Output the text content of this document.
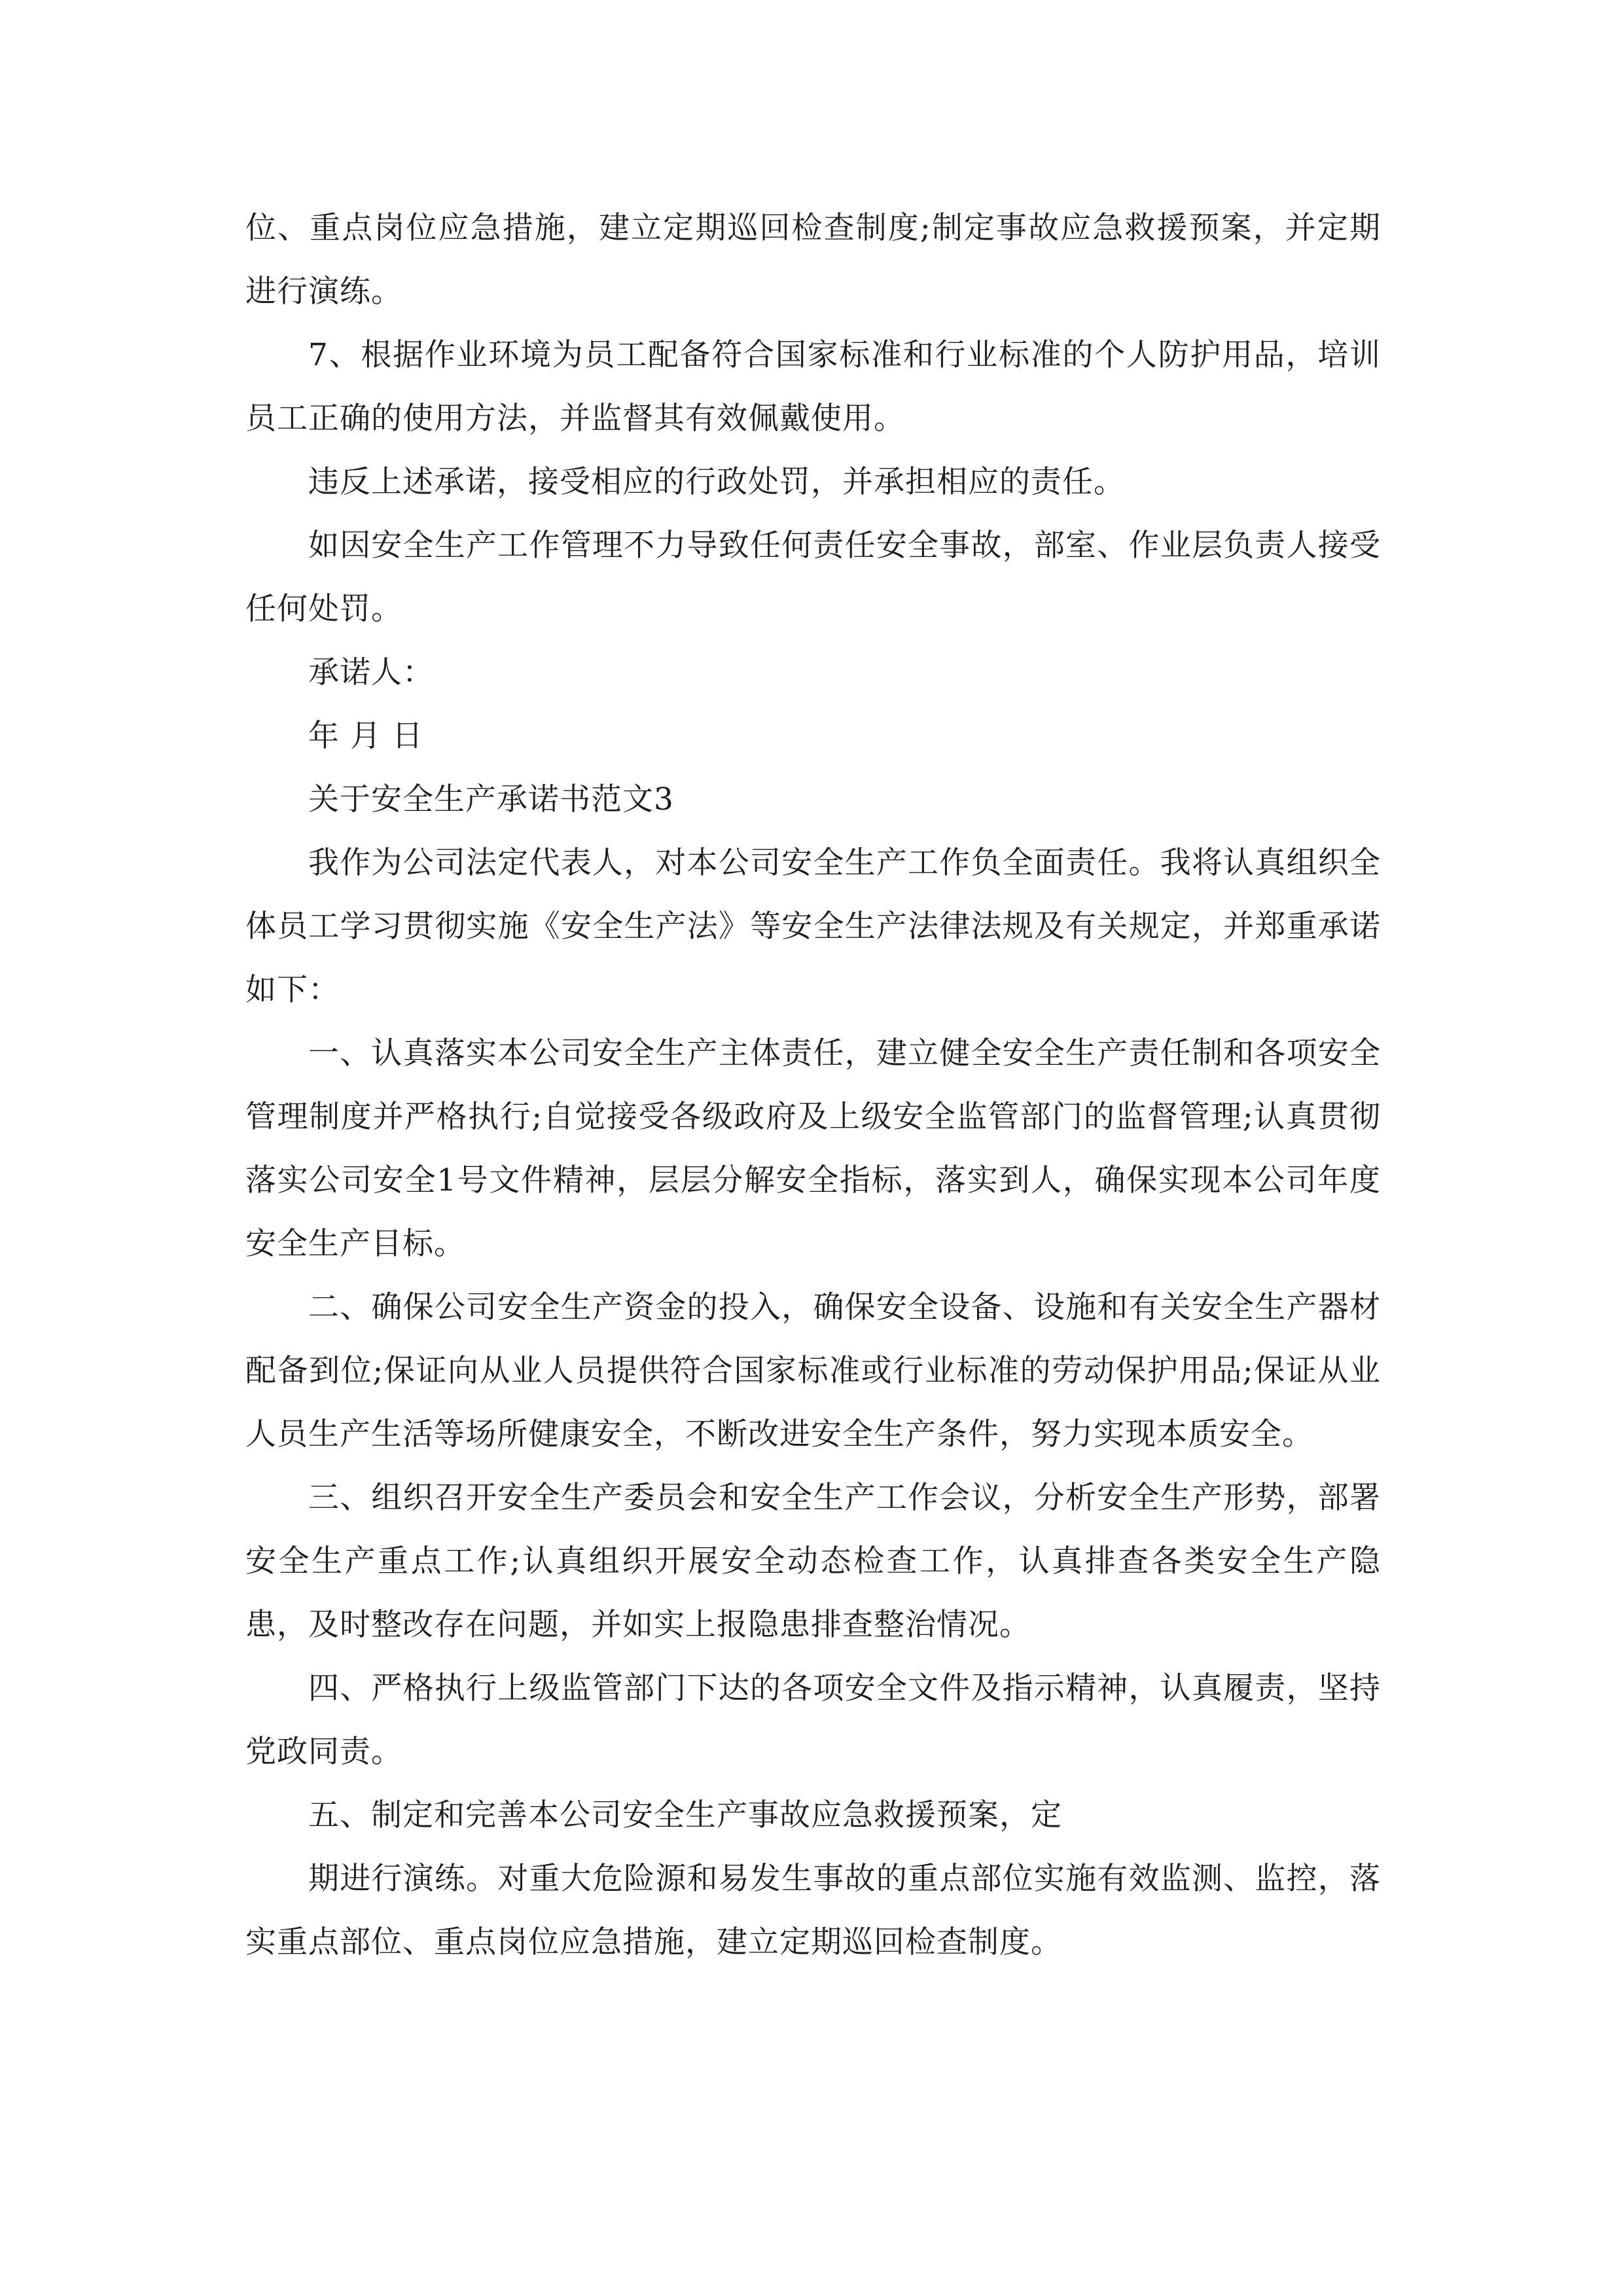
位、重点岗位应急措施，建立定期巡回检查制度;制定事故应急救援预案，并定期进行演练。

7、根据作业环境为员工配备符合国家标准和行业标准的个人防护用品，培训员工正确的使用方法，并监督其有效佩戴使用。

违反上述承诺，接受相应的行政处罚，并承担相应的责任。

如因安全生产工作管理不力导致任何责任安全事故，部室、作业层负责人接受任何处罚。

承诺人：

年 月 日

关于安全生产承诺书范文3

我作为公司法定代表人，对本公司安全生产工作负全面责任。我将认真组织全体员工学习贯彻实施《安全生产法》等安全生产法律法规及有关规定，并郑重承诺如下：

一、认真落实本公司安全生产主体责任，建立健全安全生产责任制和各项安全管理制度并严格执行;自觉接受各级政府及上级安全监管部门的监督管理;认真贯彻落实公司安全1号文件精神，层层分解安全指标，落实到人，确保实现本公司年度安全生产目标。

二、确保公司安全生产资金的投入，确保安全设备、设施和有关安全生产器材配备到位;保证向从业人员提供符合国家标准或行业标准的劳动保护用品;保证从业人员生产生活等场所健康安全，不断改进安全生产条件，努力实现本质安全。

三、组织召开安全生产委员会和安全生产工作会议，分析安全生产形势，部署安全生产重点工作;认真组织开展安全动态检查工作，认真排查各类安全生产隐患，及时整改存在问题，并如实上报隐患排查整治情况。

四、严格执行上级监管部门下达的各项安全文件及指示精神，认真履责，坚持党政同责。

五、制定和完善本公司安全生产事故应急救援预案，定

期进行演练。对重大危险源和易发生事故的重点部位实施有效监测、监控，落实重点部位、重点岗位应急措施，建立定期巡回检查制度。
